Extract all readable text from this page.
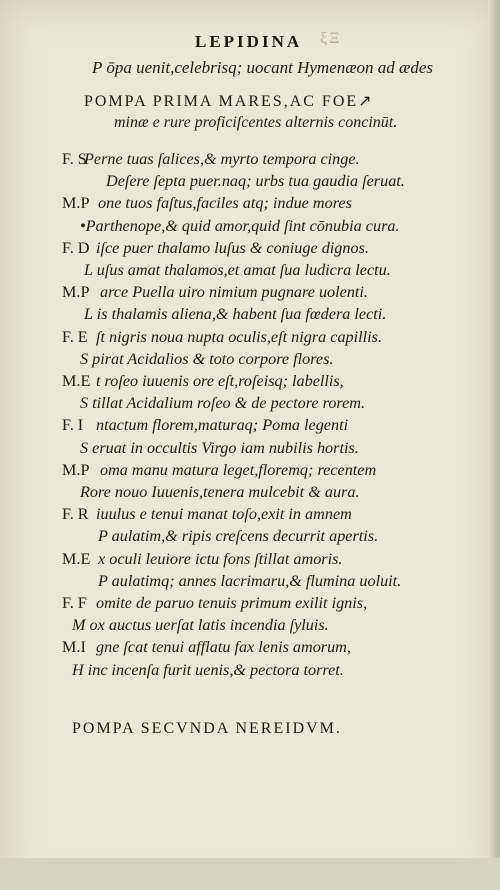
LEPIDINA ξΞ
P ōpa uenit,celebrisq; uocant Hymenæon ad ædes
POMPA PRIMA MARES,AC FOE↗
minæ e rure proficiſcentes alternis concinūt.
F. S
Perne tuas ſalices,& myrto tempora cinge.
Deſere ſepta puer.naq; urbs tua gaudia ſeruat.
M.P one tuos faſtus,faciles atq; indue mores
•Parthenope,& quid amor,quid ſint cōnubia cura.
F. D iſce puer thalamo luſus & coniuge dignos.
L uſus amat thalamos,et amat ſua ludicra lectu.
M.P arce Puella uiro nimium pugnare uolenti.
L is thalamis aliena,& habent ſua fœdera lecti.
F. E ſt nigris noua nupta oculis,eſt nigra capillis.
S pirat Acidalios & toto corpore flores.
M.E t roſeo iuuenis ore eſt,roſeisq; labellis,
S tillat Acidalium roſeo & de pectore rorem.
F. I ntactum florem,maturaq; Poma legenti
S eruat in occultis Virgo iam nubilis hortis.
M.P oma manu matura leget,floremq; recentem
Rore nouo Iuuenis,tenera mulcebit & aura.
F. R iuulus e tenui manat toſo,exit in amnem
P aulatim,& ripis creſcens decurrit apertis.
M.E x oculi leuiore ictu fons ſtillat amoris.
P aulatimq; annes lacrimaru,& flumina uoluit.
F. F omite de paruo tenuis primum exilit ignis,
M ox auctus uerſat latis incendia ſyluis.
M.I gne ſcat tenui afflatu fax lenis amorum,
H inc incenſa furit uenis,& pectora torret.
POMPA SECVNDA NEREIDVM.
